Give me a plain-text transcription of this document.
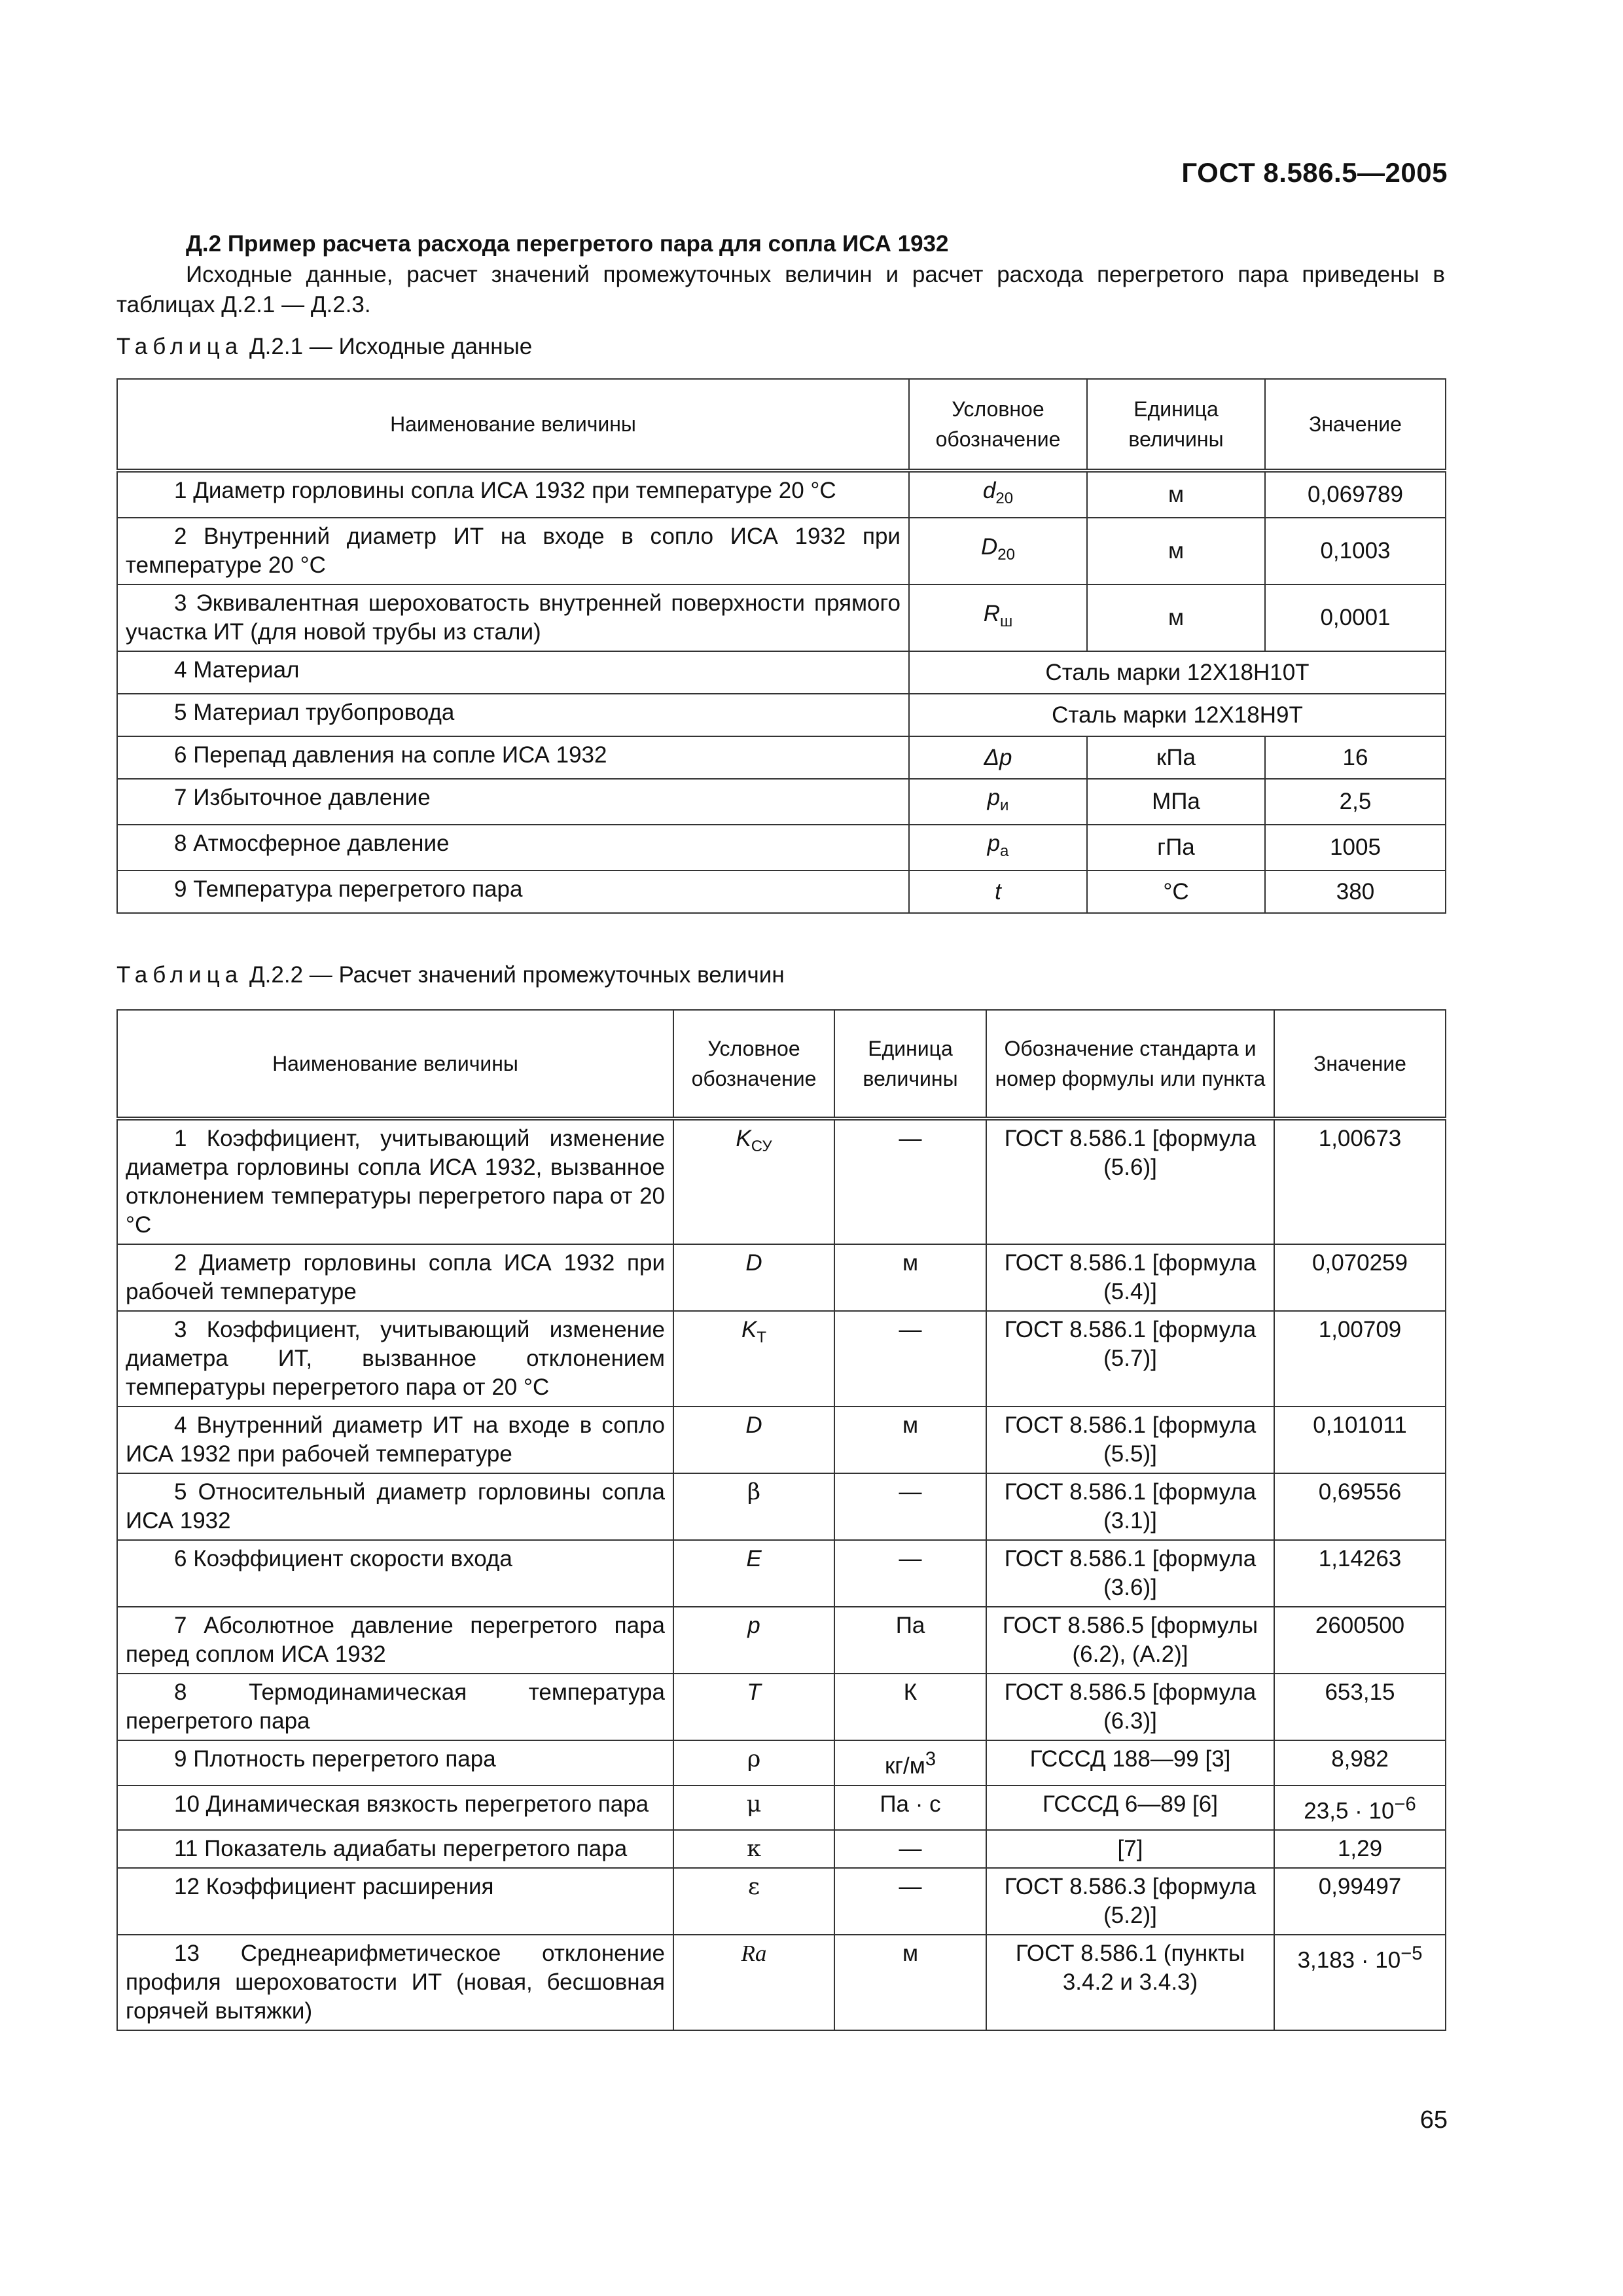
ГОСТ 8.586.5—2005
Д.2 Пример расчета расхода перегретого пара для сопла ИСА 1932
Исходные данные, расчет значений промежуточных величин и расчет расхода перегретого пара приведены в таблицах Д.2.1 — Д.2.3.
Таблица Д.2.1 — Исходные данные
Наименование величины	Условное обозначение	Единица величины	Значение
1 Диаметр горловины сопла ИСА 1932 при температуре 20 °С	$d_{20}$	м	0,069789
2 Внутренний диаметр ИТ на входе в сопло ИСА 1932 при температуре 20 °С	$D_{20}$	м	0,1003
3 Эквивалентная шероховатость внутренней поверхности прямого участка ИТ (для новой трубы из стали)	$R_ш$	м	0,0001
4 Материал	Сталь марки 12Х18Н10Т		
5 Материал трубопровода	Сталь марки 12Х18Н9Т		
6 Перепад давления на сопле ИСА 1932	Δp	кПа	16
7 Избыточное давление	$p_и$	МПа	2,5
8 Атмосферное давление	$p_а$	гПа	1005
9 Температура перегретого пара	t	°С	380
Таблица Д.2.2 — Расчет значений промежуточных величин
Наименование величины	Условное обозначение	Единица величины	Обозначение стандарта и номер формулы или пункта	Значение
1 Коэффициент, учитывающий изменение диаметра горловины сопла ИСА 1932, вызванное отклонением температуры перегретого пара от 20 °С	$K_{СУ}$	—	ГОСТ 8.586.1 [формула (5.6)]	1,00673
2 Диаметр горловины сопла ИСА 1932 при рабочей температуре	D	м	ГОСТ 8.586.1 [формула (5.4)]	0,070259
3 Коэффициент, учитывающий изменение диаметра ИТ, вызванное отклонением температуры перегретого пара от 20 °С	$K_Т$	—	ГОСТ 8.586.1 [формула (5.7)]	1,00709
4 Внутренний диаметр ИТ на входе в сопло ИСА 1932 при рабочей температуре	D	м	ГОСТ 8.586.1 [формула (5.5)]	0,101011
5 Относительный диаметр горловины сопла ИСА 1932	β	—	ГОСТ 8.586.1 [формула (3.1)]	0,69556
6 Коэффициент скорости входа	E	—	ГОСТ 8.586.1 [формула (3.6)]	1,14263
7 Абсолютное давление перегретого пара перед соплом ИСА 1932	p	Па	ГОСТ 8.586.5 [формулы (6.2), (А.2)]	2600500
8 Термодинамическая температура перегретого пара	T	К	ГОСТ 8.586.5 [формула (6.3)]	653,15
9 Плотность перегретого пара	ρ	$кг/м^3$	ГСССД 188—99 [3]	8,982
10 Динамическая вязкость перегретого пара	μ	Па · с	ГСССД 6—89 [6]	$23,5 \cdot 10^{-6}$
11 Показатель адиабаты перегретого пара	κ	—	[7]	1,29
12 Коэффициент расширения	ε	—	ГОСТ 8.586.3 [формула (5.2)]	0,99497
13 Среднеарифметическое отклонение профиля шероховатости ИТ (новая, бесшовная горячей вытяжки)	Ra	м	ГОСТ 8.586.1 (пункты 3.4.2 и 3.4.3)	$3,183 \cdot 10^{-5}$
65
